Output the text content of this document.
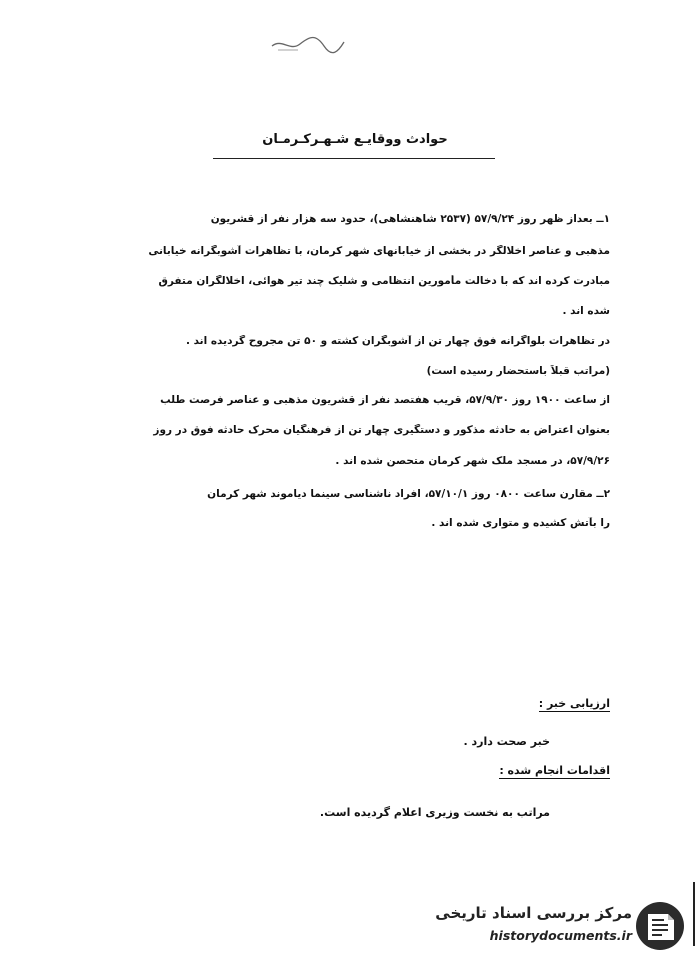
حوادث ووقایـع شـهـرکـرمـان
۱ــ بعداز ظهر روز ۵۷/۹/۲۴ (۲۵۳۷ شاهنشاهی)، حدود سه هزار نفر از قشریون
مذهبی و عناصر اخلالگر در بخشی از خیابانهای شهر کرمان، با تظاهرات آشوبگرانه خیابانی
مبادرت کرده اند که با دخالت مأمورین انتظامی و شلیک چند تیر هوائی، اخلالگران متفرق
شده اند .
در تظاهرات بلواگرانه فوق چهار تن از آشوبگران کشته و ۵۰ تن مجروح گردیده اند .
(مراتب قبلاً باستحضار رسیده است)
از ساعت ۱۹۰۰ روز ۵۷/۹/۳۰، قریب هفتصد نفر از قشریون مذهبی و عناصر فرصت طلب
بعنوان اعتراض به حادثه مذکور و دستگیری چهار تن از فرهنگیان محرک حادثه فوق در روز
۵۷/۹/۲۶، در مسجد ملک شهر کرمان متحصن شده اند .
۲ــ مقارن ساعت ۰۸۰۰ روز ۵۷/۱۰/۱، افراد ناشناسی سینما دیاموند شهر کرمان
را بآتش کشیده و متواری شده اند .
ارزیابی خبر :
خبر صحت دارد .
اقدامات انجام شده :
مراتب به نخست وزیری اعلام گردیده است.
مرکز بررسی اسناد تاریخی
historydocuments.ir
